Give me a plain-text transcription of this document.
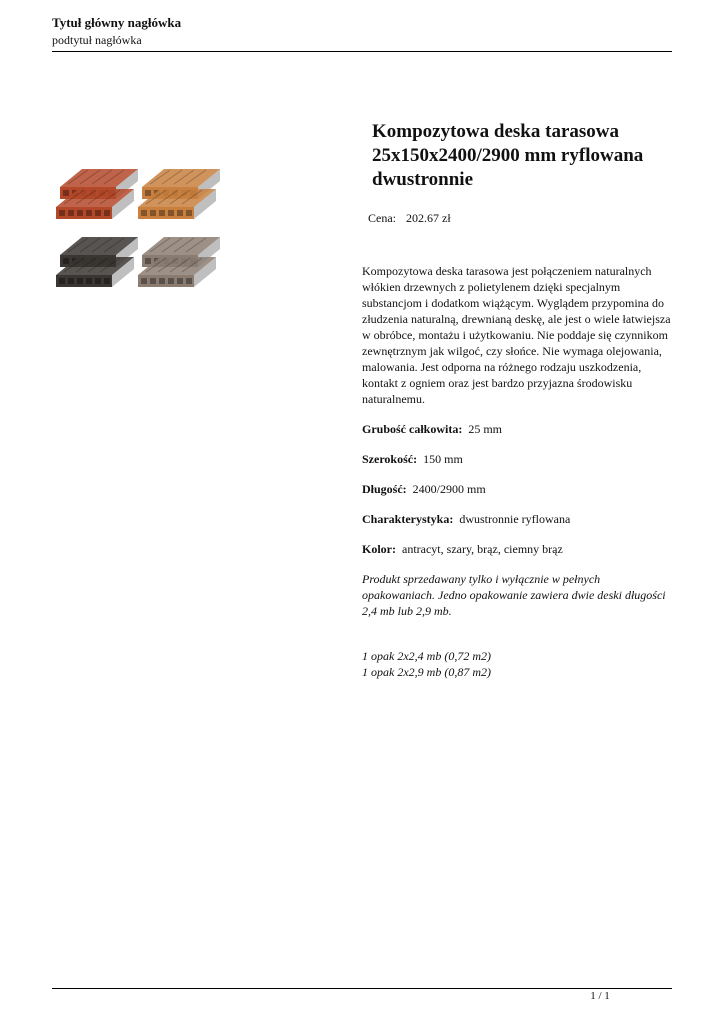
Tytuł główny nagłówka
podtytuł nagłówka
Kompozytowa deska tarasowa 25x150x2400/2900 mm ryflowana dwustronnie
Cena: 202.67 zł
Kompozytowa deska tarasowa jest połączeniem naturalnych włókien drzewnych z polietylenem dzięki specjalnym substancjom i dodatkom wiążącym. Wyglądem przypomina do złudzenia naturalną, drewnianą deskę, ale jest o wiele łatwiejsza w obróbce, montażu i użytkowaniu. Nie poddaje się czynnikom zewnętrznym jak wilgoć, czy słońce. Nie wymaga olejowania, malowania. Jest odporna na różnego rodzaju uszkodzenia, kontakt z ogniem oraz jest bardzo przyjazna środowisku naturalnemu.
Grubość całkowita: 25 mm
Szerokość: 150 mm
Długość: 2400/2900 mm
Charakterystyka: dwustronnie ryflowana
Kolor: antracyt, szary, brąz, ciemny brąz
Produkt sprzedawany tylko i wyłącznie w pełnych opakowaniach. Jedno opakowanie zawiera dwie deski długości 2,4 mb lub 2,9 mb.
1 opak 2x2,4 mb (0,72 m2)
1 opak 2x2,9 mb (0,87 m2)
1 / 1
